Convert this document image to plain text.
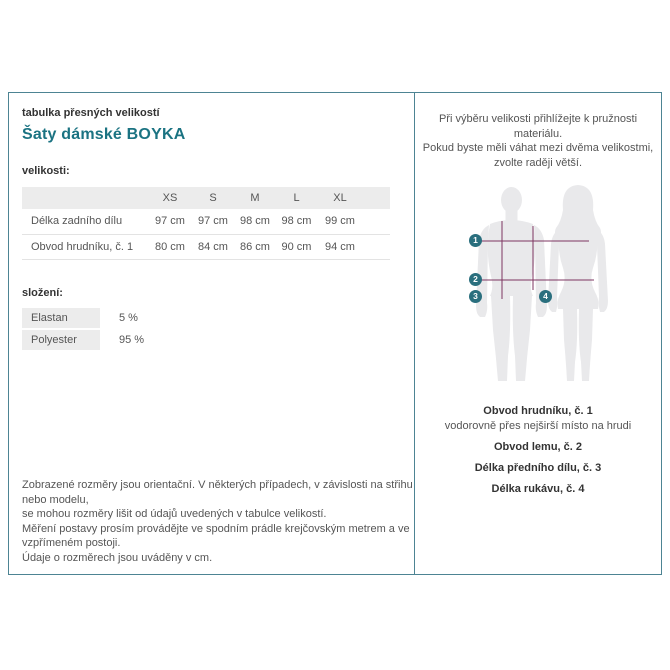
tabulka přesných velikostí
Šaty dámské BOYKA
velikosti:
	XS	S	M	L	XL	
Délka zadního dílu	97 cm	97 cm	98 cm	98 cm	99 cm	
Obvod hrudníku, č. 1	80 cm	84 cm	86 cm	90 cm	94 cm	
složení:
Elastan	5 %
Polyester	95 %
Zobrazené rozměry jsou orientační. V některých případech, v závislosti na střihu nebo modelu,
se mohou rozměry lišit od údajů uvedených v tabulce velikostí.
Měření postavy prosím provádějte ve spodním prádle krejčovským metrem a ve vzpřímeném postoji.
Údaje o rozměrech jsou uváděny v cm.
Při výběru velikosti přihlížejte k pružnosti materiálu.
Pokud byste měli váhat mezi dvěma velikostmi,
zvolte raději větší.
1
2
3	4
Obvod hrudníku, č. 1
vodorovně přes nejširší místo na hrudi
Obvod lemu, č. 2
Délka předního dílu, č. 3
Délka rukávu, č. 4
